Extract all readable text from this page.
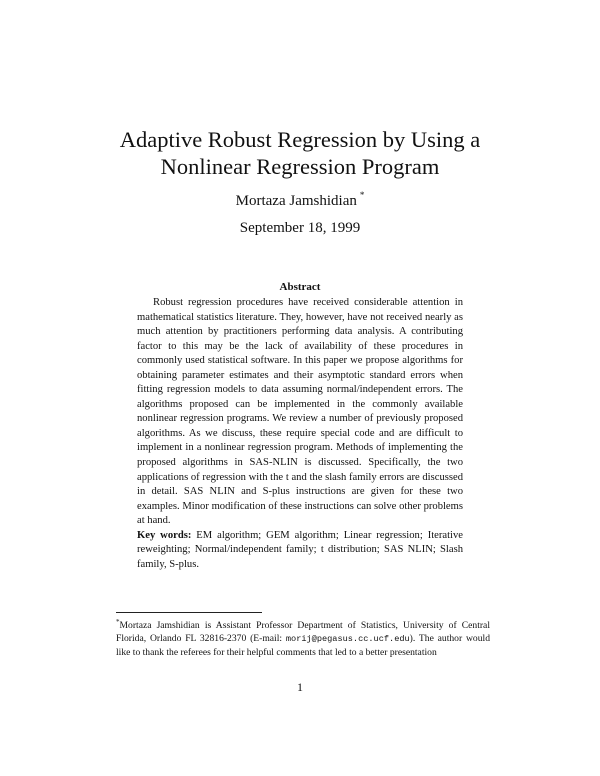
Adaptive Robust Regression by Using a
Nonlinear Regression Program
Mortaza Jamshidian *
September 18, 1999
Abstract
Robust regression procedures have received considerable attention in mathematical statistics literature. They, however, have not received nearly as much attention by practitioners performing data analysis. A contributing factor to this may be the lack of availability of these procedures in commonly used statistical software. In this paper we propose algorithms for obtaining parameter estimates and their asymptotic standard errors when fitting regression models to data assuming normal/independent errors. The algorithms proposed can be implemented in the commonly available nonlinear regression programs. We review a number of previously proposed algorithms. As we discuss, these require special code and are difficult to implement in a nonlinear regression program. Methods of implementing the proposed algorithms in SAS-NLIN is discussed. Specifically, the two applications of regression with the t and the slash family errors are discussed in detail. SAS NLIN and S-plus instructions are given for these two examples. Minor modification of these instructions can solve other problems at hand.
Key words: EM algorithm; GEM algorithm; Linear regression; Iterative reweighting; Normal/independent family; t distribution; SAS NLIN; Slash family, S-plus.
*Mortaza Jamshidian is Assistant Professor Department of Statistics, University of Central Florida, Orlando FL 32816-2370 (E-mail: morij@pegasus.cc.ucf.edu). The author would like to thank the referees for their helpful comments that led to a better presentation
1
